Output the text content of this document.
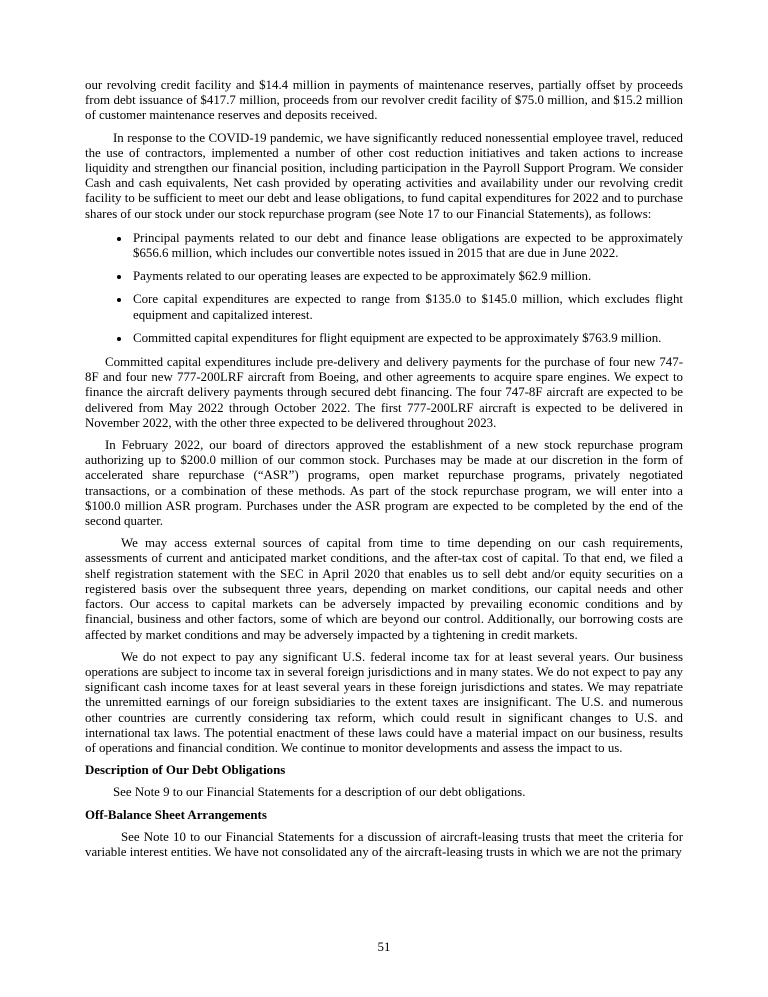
our revolving credit facility and $14.4 million in payments of maintenance reserves, partially offset by proceeds from debt issuance of $417.7 million, proceeds from our revolver credit facility of $75.0 million, and $15.2 million of customer maintenance reserves and deposits received.

In response to the COVID-19 pandemic, we have significantly reduced nonessential employee travel, reduced the use of contractors, implemented a number of other cost reduction initiatives and taken actions to increase liquidity and strengthen our financial position, including participation in the Payroll Support Program. We consider Cash and cash equivalents, Net cash provided by operating activities and availability under our revolving credit facility to be sufficient to meet our debt and lease obligations, to fund capital expenditures for 2022 and to purchase shares of our stock under our stock repurchase program (see Note 17 to our Financial Statements), as follows:

• Principal payments related to our debt and finance lease obligations are expected to be approximately $656.6 million, which includes our convertible notes issued in 2015 that are due in June 2022.
• Payments related to our operating leases are expected to be approximately $62.9 million.
• Core capital expenditures are expected to range from $135.0 to $145.0 million, which excludes flight equipment and capitalized interest.
• Committed capital expenditures for flight equipment are expected to be approximately $763.9 million.

Committed capital expenditures include pre-delivery and delivery payments for the purchase of four new 747-8F and four new 777-200LRF aircraft from Boeing, and other agreements to acquire spare engines. We expect to finance the aircraft delivery payments through secured debt financing. The four 747-8F aircraft are expected to be delivered from May 2022 through October 2022. The first 777-200LRF aircraft is expected to be delivered in November 2022, with the other three expected to be delivered throughout 2023.

In February 2022, our board of directors approved the establishment of a new stock repurchase program authorizing up to $200.0 million of our common stock. Purchases may be made at our discretion in the form of accelerated share repurchase (“ASR”) programs, open market repurchase programs, privately negotiated transactions, or a combination of these methods. As part of the stock repurchase program, we will enter into a $100.0 million ASR program. Purchases under the ASR program are expected to be completed by the end of the second quarter.

We may access external sources of capital from time to time depending on our cash requirements, assessments of current and anticipated market conditions, and the after-tax cost of capital. To that end, we filed a shelf registration statement with the SEC in April 2020 that enables us to sell debt and/or equity securities on a registered basis over the subsequent three years, depending on market conditions, our capital needs and other factors. Our access to capital markets can be adversely impacted by prevailing economic conditions and by financial, business and other factors, some of which are beyond our control. Additionally, our borrowing costs are affected by market conditions and may be adversely impacted by a tightening in credit markets.

We do not expect to pay any significant U.S. federal income tax for at least several years. Our business operations are subject to income tax in several foreign jurisdictions and in many states. We do not expect to pay any significant cash income taxes for at least several years in these foreign jurisdictions and states. We may repatriate the unremitted earnings of our foreign subsidiaries to the extent taxes are insignificant. The U.S. and numerous other countries are currently considering tax reform, which could result in significant changes to U.S. and international tax laws. The potential enactment of these laws could have a material impact on our business, results of operations and financial condition. We continue to monitor developments and assess the impact to us.

Description of Our Debt Obligations

See Note 9 to our Financial Statements for a description of our debt obligations.

Off-Balance Sheet Arrangements

See Note 10 to our Financial Statements for a discussion of aircraft-leasing trusts that meet the criteria for variable interest entities. We have not consolidated any of the aircraft-leasing trusts in which we are not the primary

51
